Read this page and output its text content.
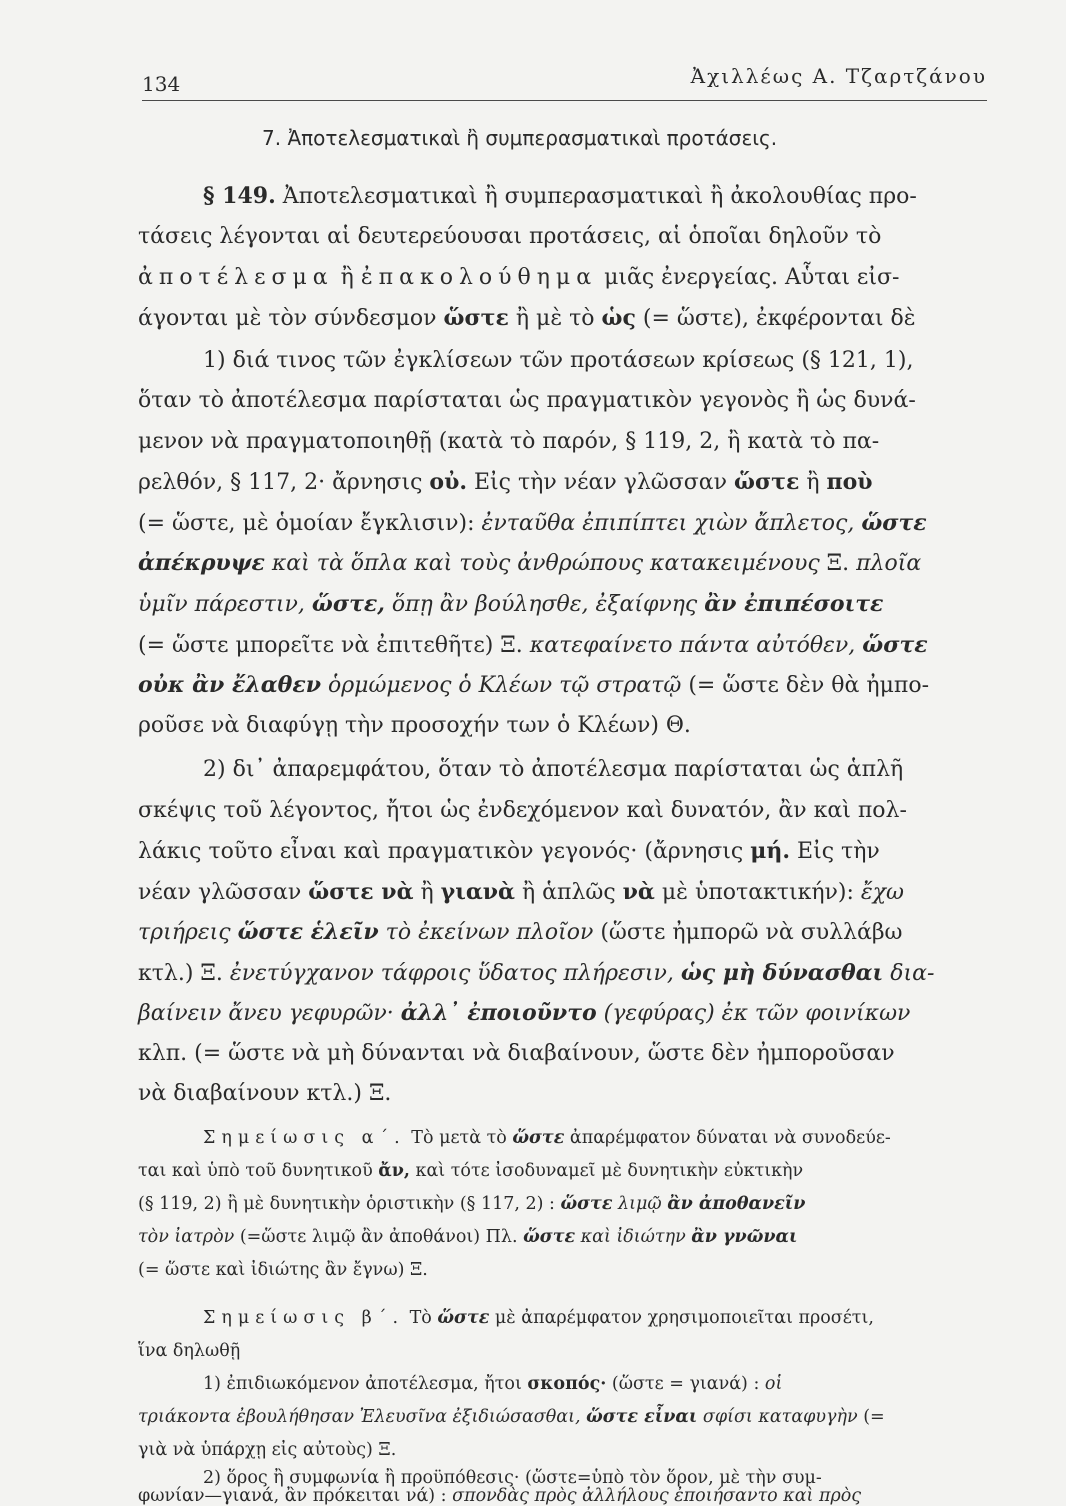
134	Ἀχιλλέως Α. Τζαρτζάνου
7. Ἀποτελεσματικαὶ ἢ συμπερασματικαὶ προτάσεις.
§ 149. Ἀποτελεσματικαὶ ἢ συμπερασματικαὶ ἢ ἀκολουθίας προ-
τάσεις λέγονται αἱ δευτερεύουσαι προτάσεις, αἱ ὁποῖαι δηλοῦν τὸ
ἀποτέλεσμα ἢ ἐπακολούθημα μιᾶς ἐνεργείας. Αὗται εἰσ-
άγονται μὲ τὸν σύνδεσμον ὥστε ἢ μὲ τὸ ὡς (= ὥστε), ἐκφέρονται δὲ
1) διά τινος τῶν ἐγκλίσεων τῶν προτάσεων κρίσεως (§ 121, 1),
ὅταν τὸ ἀποτέλεσμα παρίσταται ὡς πραγματικὸν γεγονὸς ἢ ὡς δυνά-
μενον νὰ πραγματοποιηθῇ (κατὰ τὸ παρόν, § 119, 2, ἢ κατὰ τὸ πα-
ρελθόν, § 117, 2· ἄρνησις οὐ. Εἰς τὴν νέαν γλῶσσαν ὥστε ἢ ποὺ
(= ὥστε, μὲ ὁμοίαν ἔγκλισιν): ἐνταῦθα ἐπιπίπτει χιὼν ἄπλετος, ὥστε
ἀπέκρυψε καὶ τὰ ὅπλα καὶ τοὺς ἀνθρώπους κατακειμένους Ξ. πλοῖα
ὑμῖν πάρεστιν, ὥστε, ὅπῃ ἂν βούλησθε, ἐξαίφνης ἂν ἐπιπέσοιτε
(= ὥστε μπορεῖτε νὰ ἐπιτεθῆτε) Ξ. κατεφαίνετο πάντα αὐτόθεν, ὥστε
οὐκ ἂν ἔλαθεν ὁρμώμενος ὁ Κλέων τῷ στρατῷ (= ὥστε δὲν θὰ ἠμπο-
ροῦσε νὰ διαφύγῃ τὴν προσοχήν των ὁ Κλέων) Θ.
2) δι᾽ ἀπαρεμφάτου, ὅταν τὸ ἀποτέλεσμα παρίσταται ὡς ἁπλῆ
σκέψις τοῦ λέγοντος, ἤτοι ὡς ἐνδεχόμενον καὶ δυνατόν, ἂν καὶ πολ-
λάκις τοῦτο εἶναι καὶ πραγματικὸν γεγονός· (ἄρνησις μή. Εἰς τὴν
νέαν γλῶσσαν ὥστε νὰ ἢ γιανὰ ἢ ἁπλῶς νὰ μὲ ὑποτακτικήν): ἔχω
τριήρεις ὥστε ἑλεῖν τὸ ἐκείνων πλοῖον (ὥστε ἠμπορῶ νὰ συλλάβω
κτλ.) Ξ. ἐνετύγχανον τάφροις ὕδατος πλήρεσιν, ὡς μὴ δύνασθαι δια-
βαίνειν ἄνευ γεφυρῶν· ἀλλ᾽ ἐποιοῦντο (γεφύρας) ἐκ τῶν φοινίκων
κλπ. (= ὥστε νὰ μὴ δύνανται νὰ διαβαίνουν, ὥστε δὲν ἠμποροῦσαν
νὰ διαβαίνουν κτλ.) Ξ.
Σημείωσις α΄. Τὸ μετὰ τὸ ὥστε ἀπαρέμφατον δύναται νὰ συνοδεύε-
ται καὶ ὑπὸ τοῦ δυνητικοῦ ἄν, καὶ τότε ἰσοδυναμεῖ μὲ δυνητικὴν εὐκτικὴν
(§ 119, 2) ἢ μὲ δυνητικὴν ὁριστικὴν (§ 117, 2) : ὥστε λιμῷ ἂν ἀποθανεῖν
τὸν ἰατρὸν (=ὥστε λιμῷ ἂν ἀποθάνοι) Πλ. ὥστε καὶ ἰδιώτην ἂν γνῶναι
(= ὥστε καὶ ἰδιώτης ἂν ἔγνω) Ξ.
Σημείωσις β΄. Τὸ ὥστε μὲ ἀπαρέμφατον χρησιμοποιεῖται προσέτι,
ἵνα δηλωθῇ
1) ἐπιδιωκόμενον ἀποτέλεσμα, ἤτοι σκοπός· (ὥστε = γιανά) : οἱ
τριάκοντα ἐβουλήθησαν Ἐλευσῖνα ἐξιδιώσασθαι, ὥστε εἶναι σφίσι καταφυγὴν (=
γιὰ νὰ ὑπάρχῃ εἰς αὐτοὺς) Ξ.
2) ὅρος ἢ συμφωνία ἢ προϋπόθεσις· (ὥστε=ὑπὸ τὸν ὅρον, μὲ τὴν συμ-
φωνίαν—γιανά, ἂν πρόκειται νά) : σπονδὰς πρὸς ἀλλήλους ἐποιήσαντο καὶ πρὸς
